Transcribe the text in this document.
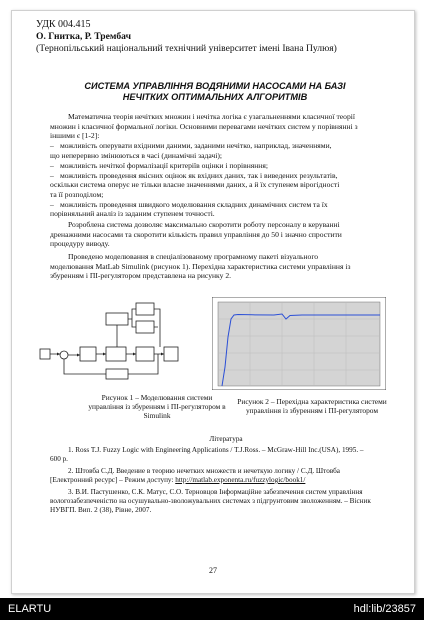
УДК 004.415
О. Гнитка, Р. Трембач
(Тернопільський національний технічний університет імені Івана Пулюя)
СИСТЕМА УПРАВЛІННЯ ВОДЯНИМИ НАСОСАМИ НА БАЗІ
НЕЧІТКИХ ОПТИМАЛЬНИХ АЛГОРИТМІВ
Математична теорія нечітких множин і нечітка логіка є узагальненнями класичної теорії
множин і класичної формальної логіки. Основними перевагами нечітких систем у порівнянні з
іншими є [1-2]:
– можливість оперувати вхідними даними, заданими нечітко, наприклад, значеннями,
що неперервно змінюються в часі (динамічні задачі);
– можливість нечіткої формалізації критеріїв оцінки і порівняння;
– можливість проведення якісних оцінок як вхідних даних, так і виведених результатів,
оскільки система оперує не тільки власне значеннями даних, а й їх ступенем вірогідності
та її розподілом;
– можливість проведення швидкого моделювання складних динамічних систем та їх
порівняльний аналіз із заданим ступенем точності.
Розроблена система дозволяє максимально скоротити роботу персоналу в керуванні
дренажними насосами та скоротити кількість правил управління до 50 і значно спростити
процедуру виводу.
Проведено моделювання в спеціалізованому програмному пакеті візуального
моделювання MatLab Simulink (рисунок 1). Перехідна характеристика системи управління із
збуренням і ПІ-регулятором представлена на рисунку 2.
Рисунок 1 – Моделювання системи
управління із збуренням і ПІ-регулятором в
Simulink
Рисунок 2 – Перехідна характеристика системи
управління із збуренням і ПІ-регулятором
Література
1. Ross T.J. Fuzzy Logic with Engineering Applications / T.J.Ross. – McGraw-Hill Inc.(USA), 1995. –
600 p.
2. Штовба С.Д. Введение в теорию нечетких множеств и нечеткую логику / С.Д. Штовба
[Електронний ресурс] – Режим доступу: http://matlab.exponenta.ru/fuzzylogic/book1/
3. В.И. Пастушенко, С.К. Матус, С.О. Терновцов Інформаційне забезпечення систем управління
вологозабезпеченістю на осушувально-зволожувальних системах з підгрунтовим зволоженням. – Вісник
НУВГП. Вип. 2 (38), Рівне, 2007.
27
ELARTU	hdl:lib/23857
